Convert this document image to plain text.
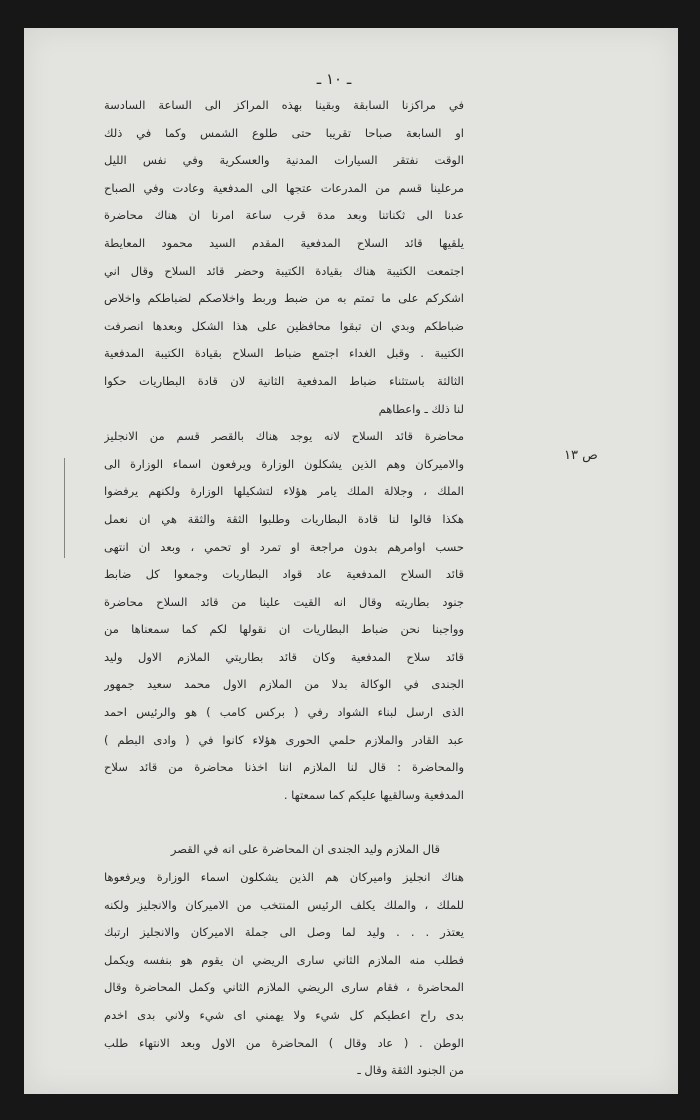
ـ ١٠ ـ
ص ١٣
في مراكزنا السابقة وبقينا بهذه المراكز الى الساعة السادسة
او السابعة صباحا تقريبا حتى طلوع الشمس وكما في ذلك
الوقت نفتقر السيارات المدنية والعسكرية وفي نفس الليل
مرعلينا قسم من المدرعات عتجها الى المدفعية وعادت وفي الصباح
عدنا الى ثكناتنا وبعد مدة قرب ساعة امرنا ان هناك محاضرة
يلقيها قائد السلاح المدفعية المقدم السيد محمود المعايطة
اجتمعت الكتيبة هناك بقيادة الكتيبة وحضر قائد السلاح وقال اني
اشكركم على ما تمتم به من ضبط وربط واخلاصكم لضباطكم واخلاص
ضباطكم وبدي ان تبقوا محافظين على هذا الشكل وبعدها انصرفت
الكتيبة . وقبل الغداء اجتمع ضباط السلاح بقيادة الكتيبة المدفعية
الثالثة باستثناء ضباط المدفعية الثانية لان قادة البطاريات حكوا
لنا ذلك ـ واعطاهم
محاضرة قائد السلاح لانه يوجد هناك بالقصر قسم من الانجليز
والاميركان وهم الذين يشكلون الوزارة ويرفعون اسماء الوزارة الى
الملك ، وجلالة الملك يامر هؤلاء لتشكيلها الوزارة ولكنهم يرفضوا
هكذا قالوا لنا قادة البطاريات وطلبوا الثقة والثقة هي ان نعمل
حسب اوامرهم بدون مراجعة او تمرد او تحمي ، وبعد ان انتهى
قائد السلاح المدفعية عاد قواد البطاريات وجمعوا كل ضابط
جنود بطاريته وقال انه القيت علينا من قائد السلاح محاضرة
وواجبنا نحن ضباط البطاريات ان نقولها لكم كما سمعناها من
قائد سلاح المدفعية وكان قائد بطاريتي الملازم الاول وليد
الجندى في الوكالة بدلا من الملازم الاول محمد سعيد جمهور
الذى ارسل لبناء الشواد رفي ( بركس كامب ) هو والرئيس احمد
عبد القادر والملازم حلمي الحورى هؤلاء كانوا في ( وادى البطم )
والمحاضرة : قال لنا الملازم اننا اخذنا محاضرة من قائد سلاح
المدفعية وسالقيها عليكم كما سمعتها .
قال الملازم وليد الجندى ان المحاضرة على انه في القصر
هناك انجليز واميركان هم الذين يشكلون اسماء الوزارة ويرفعوها
للملك ، والملك يكلف الرئيس المنتخب من الاميركان والانجليز ولكنه
يعتذر . . . وليد لما وصل الى جملة الاميركان والانجليز ارتبك
فطلب منه الملازم الثاني سارى الريضي ان يقوم هو بنفسه ويكمل
المحاضرة ، فقام سارى الريضي الملازم الثاني وكمل المحاضرة وقال
بدى راح اعطيكم كل شيء ولا يهمني اى شيء ولاني بدى اخدم
الوطن . ( عاد وقال ) المحاضرة من الاول وبعد الانتهاء طلب
من الجنود الثقة وقال ـ
